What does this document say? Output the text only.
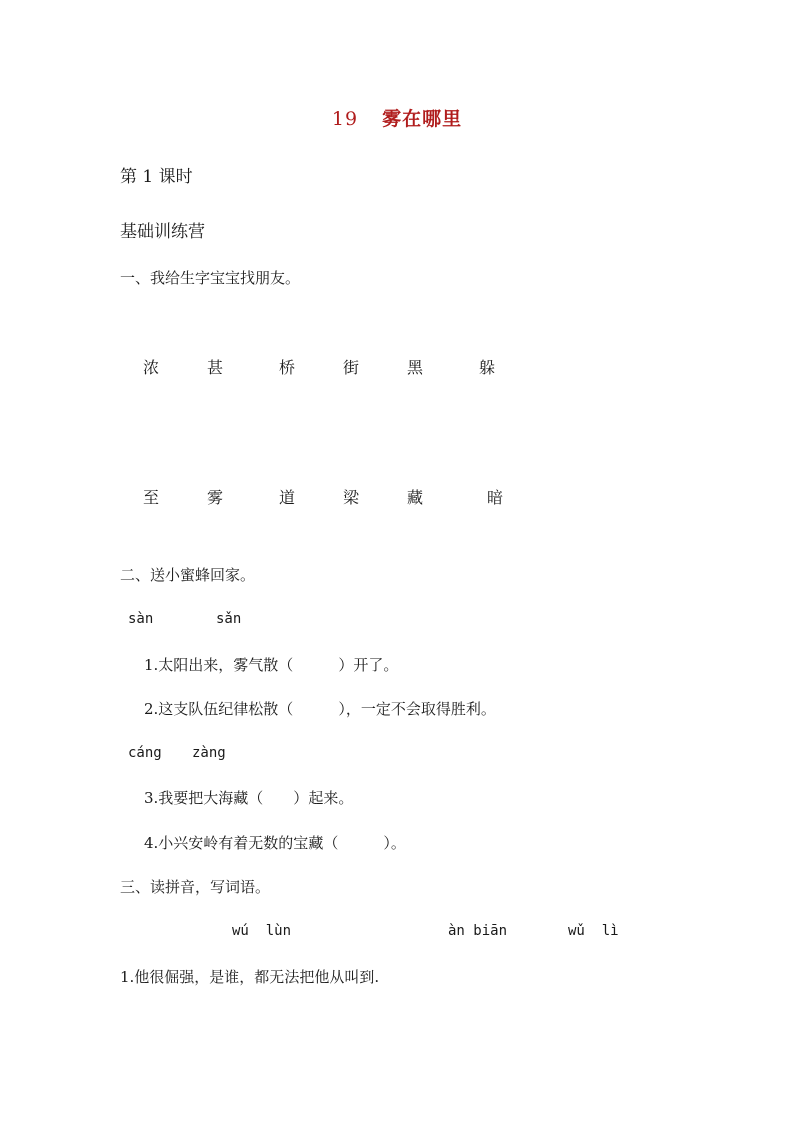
19 雾在哪里
第 1 课时
基础训练营
一、我给生字宝宝找朋友。
浓	甚	桥	街	黑	躲
至	雾	道	梁	藏	暗
二、送小蜜蜂回家。
sàn	sǎn
1.太阳出来，雾气散（　　　）开了。
2.这支队伍纪律松散（　　　），一定不会取得胜利。
cáng zàng
3.我要把大海藏（　　）起来。
4.小兴安岭有着无数的宝藏（　　　）。
三、读拼音，写词语。
wú  lùn	àn biān	wǔ  lì
1.他很倔强，是谁，都无法把他从叫到.
